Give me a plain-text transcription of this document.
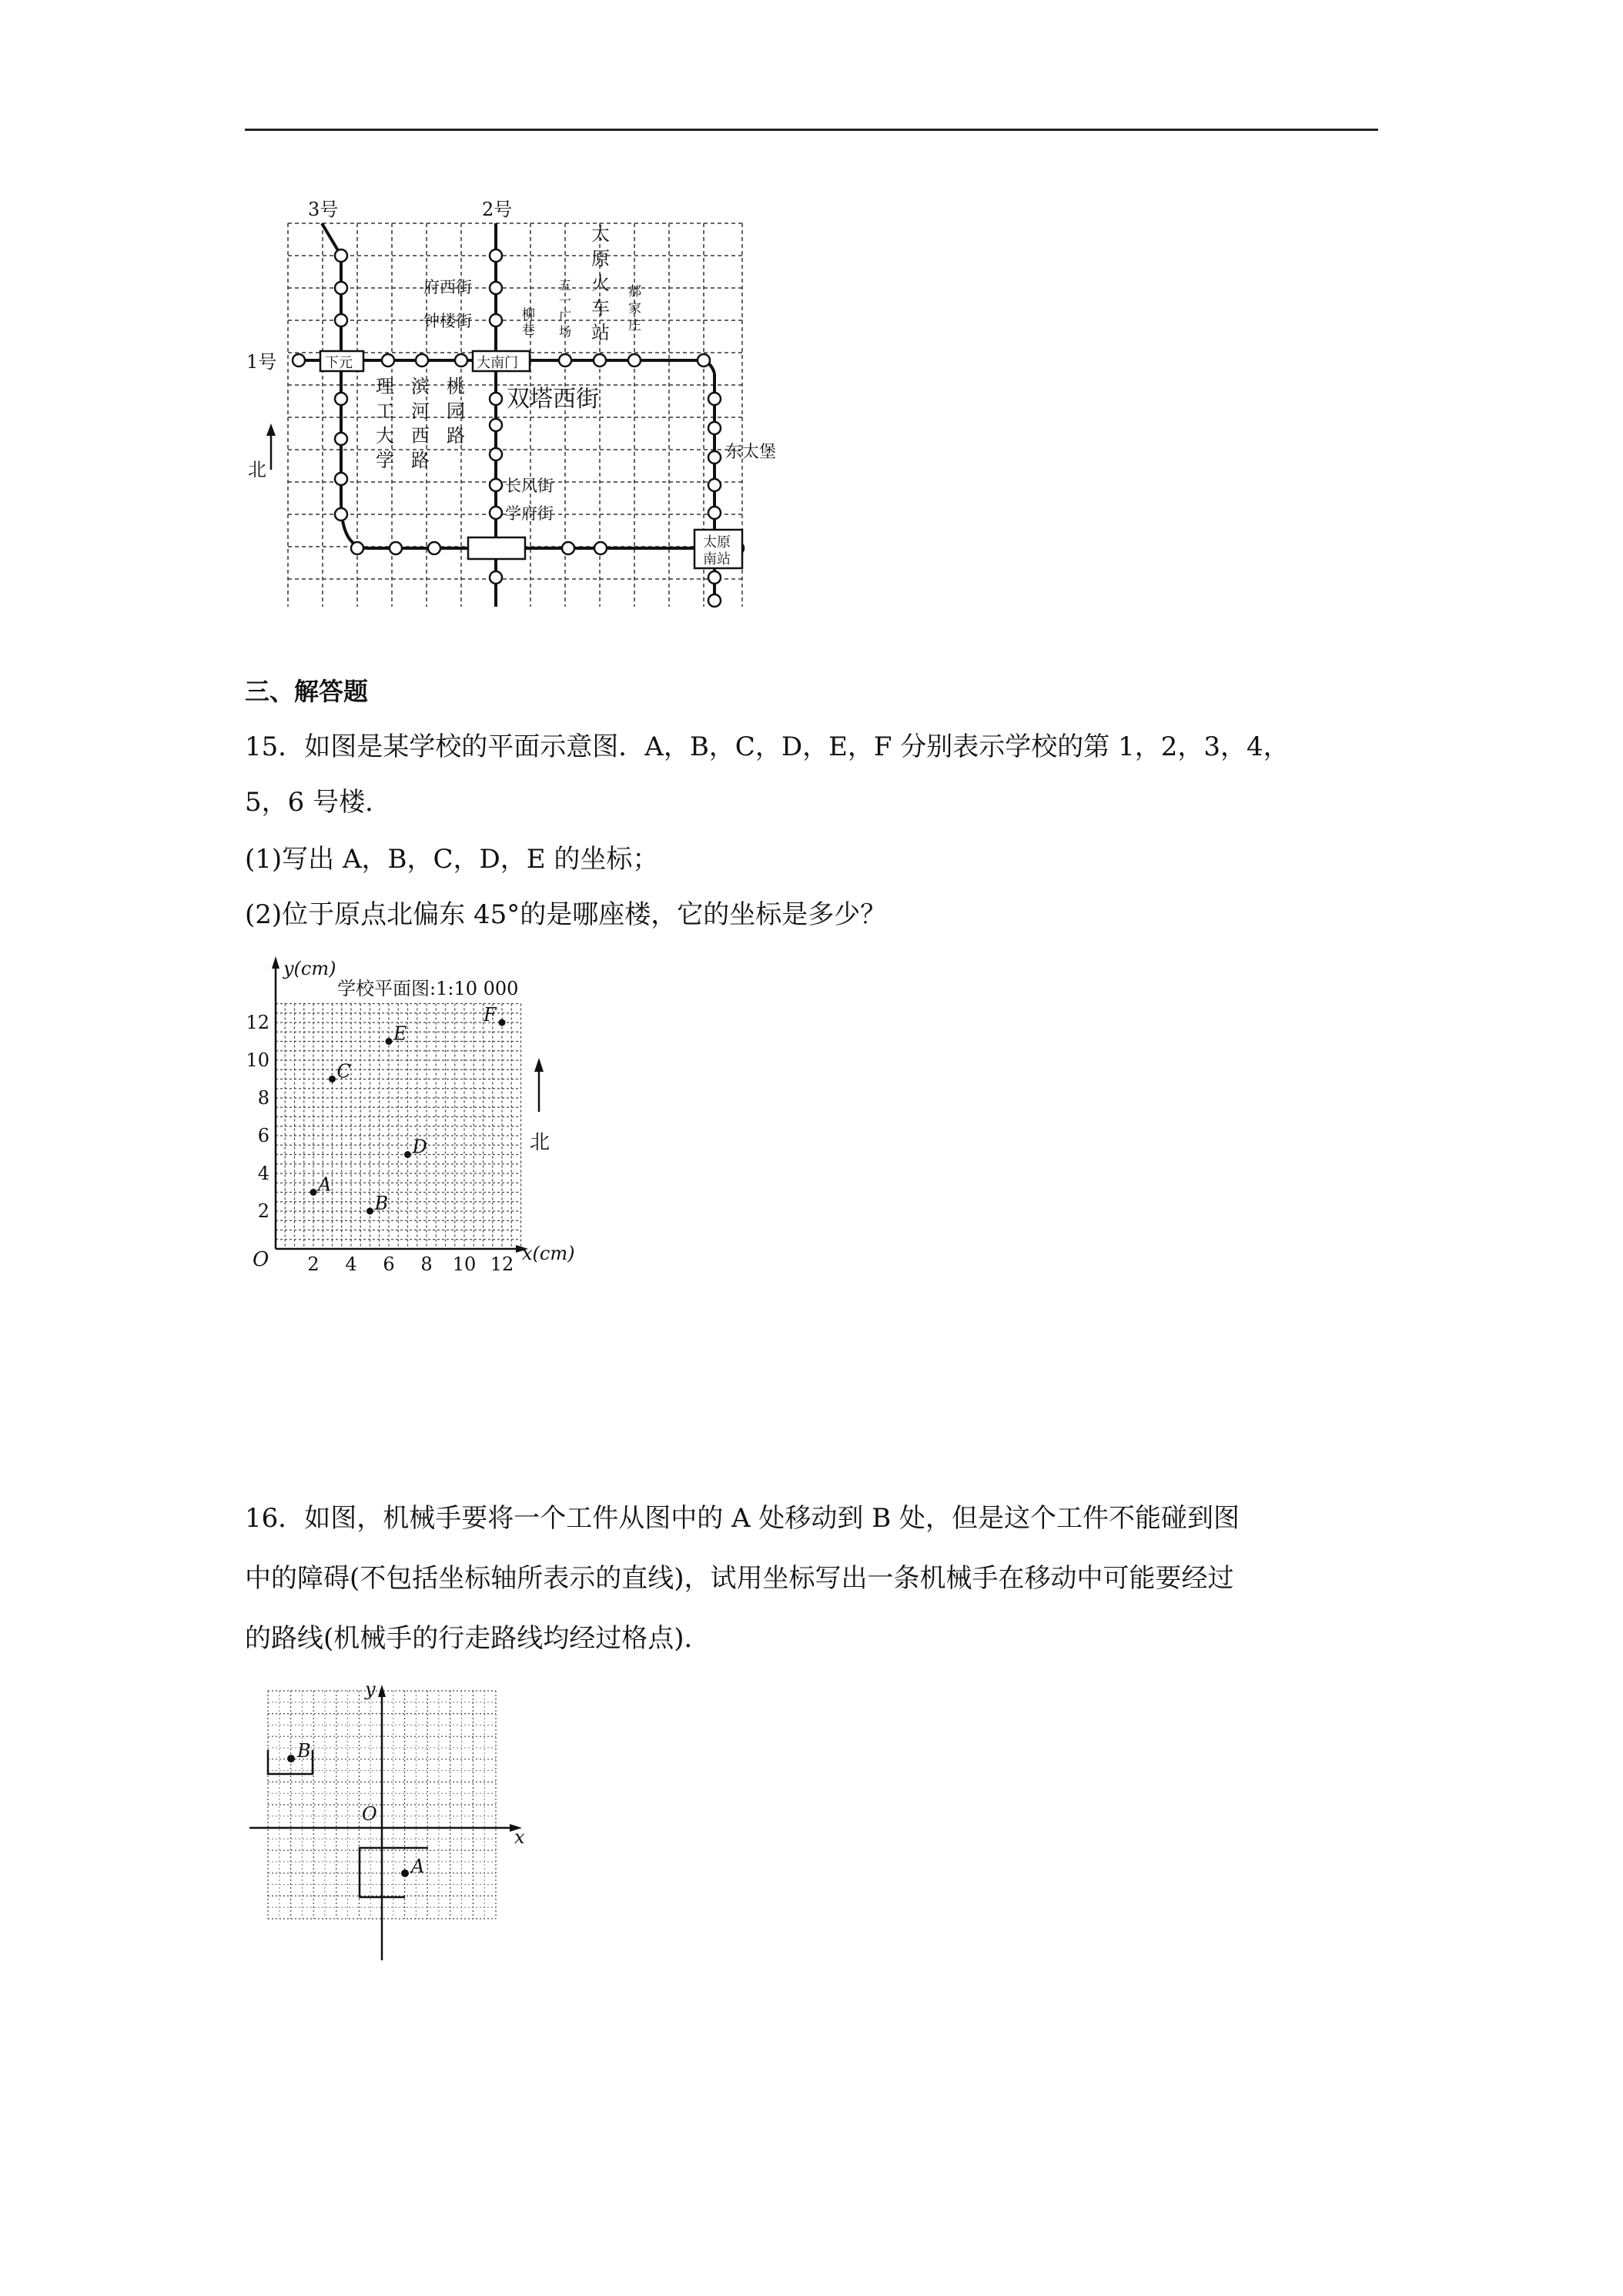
3号	2号
1号	下元	大南门
太原
南站
府西街
钟楼街
双塔西街
东太堡
长风街
学府街
理
工
大
学
滨
河
西
路
桃
园
路
柳
巷
五
一
广
场
太
原
火
车
站
郝
家
庄
北
三、解答题
15．如图是某学校的平面示意图．A，B，C，D，E，F 分别表示学校的第 1，2，3，4，
5，6 号楼．
(1)写出 A，B，C，D，E 的坐标；
(2)位于原点北偏东 45°的是哪座楼，它的坐标是多少？
y(cm)
x(cm)
学校平面图:1:10 000
O 2 4 6 8 10 12
2
4
6
8
10
12
A
B
C
D
E
F
北
16．如图，机械手要将一个工件从图中的 A 处移动到 B 处，但是这个工件不能碰到图
中的障碍(不包括坐标轴所表示的直线)，试用坐标写出一条机械手在移动中可能要经过
的路线(机械手的行走路线均经过格点)．
x
y
O
B
A
